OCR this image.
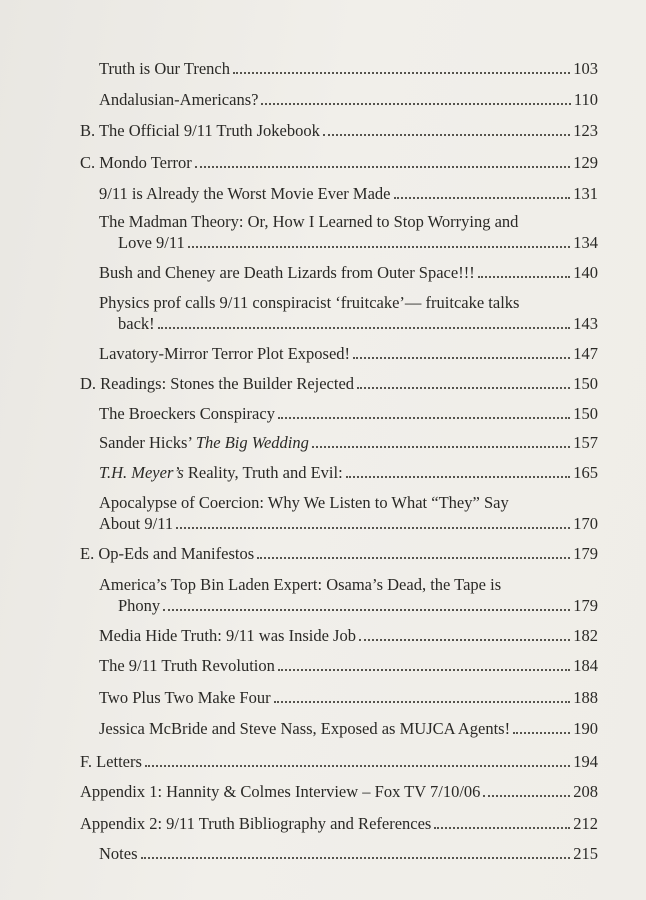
Truth is Our Trench	103
Andalusian-Americans?	110
B. The Official 9/11 Truth Jokebook	123
C. Mondo Terror	129
9/11 is Already the Worst Movie Ever Made	131
The Madman Theory: Or, How I Learned to Stop Worrying and
Love 9/11	134
Bush and Cheney are Death Lizards from Outer Space!!!	140
Physics prof calls 9/11 conspiracist ‘fruitcake’— fruitcake talks
back!	143
Lavatory-Mirror Terror Plot Exposed!	147
D. Readings: Stones the Builder Rejected	150
The Broeckers Conspiracy	150
Sander Hicks’ The Big Wedding	157
T.H. Meyer’s Reality, Truth and Evil:	165
Apocalypse of Coercion: Why We Listen to What “They” Say
About 9/11	170
E. Op-Eds and Manifestos	179
America’s Top Bin Laden Expert: Osama’s Dead, the Tape is
Phony	179
Media Hide Truth: 9/11 was Inside Job	182
The 9/11 Truth Revolution	184
Two Plus Two Make Four	188
Jessica McBride and Steve Nass, Exposed as MUJCA Agents!	190
F. Letters	194
Appendix 1: Hannity & Colmes Interview – Fox TV 7/10/06	208
Appendix 2: 9/11 Truth Bibliography and References	212
Notes	215
